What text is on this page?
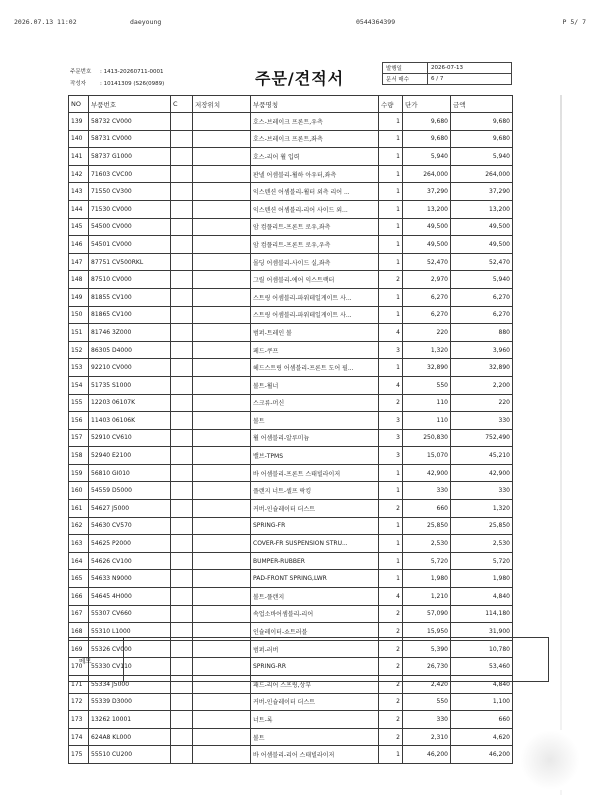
2026.07.13 11:02	daeyoung	0544364399	P 5/ 7
주문번호 : 1413-20260711-0001
작성자	: 10141309 (S26(0989)	주문/견적서	발행일	2026-07-13
문서 매수	6 / 7
NO	부품번호	C	저장위치	부품명칭	수량	단가	금액
139	58732 CV000			호스-브레이크 프론트,우측	1	9,680	9,680
140	58731 CV000			호스-브레이크 프론트,좌측	1	9,680	9,680
141	58737 G1000			호스-리어 휠 입력	1	5,940	5,940
142	71603 CVC00			판넬 어셈블리-휠하 아우터,좌측	1	264,000	264,000
143	71550 CV300			익스텐션 어셈블리-휠터 외측 리어 ...	1	37,290	37,290
144	71530 CV000			익스텐션 어셈블리-리어 사이드 외...	1	13,200	13,200
145	54500 CV000			암 컴플리트-프론트 로우,좌측	1	49,500	49,500
146	54501 CV000			암 컴플리트-프론트 로우,우측	1	49,500	49,500
147	87751 CV500RKL			몰딩 어셈블리-사이드 실,좌측	1	52,470	52,470
148	87510 CV000			그릴 어셈블리-에어 익스트랙터	2	2,970	5,940
149	81855 CV100			스트링 어셈블리-파워테일게이트 사...	1	6,270	6,270
150	81865 CV100			스트링 어셈블리-파워테일게이트 사...	1	6,270	6,270
151	81746 3Z000			범퍼-트레인 볼	4	220	880
152	86305 D4000			페드-쿠프	3	1,320	3,960
153	92210 CV000			헤드스트링 어셈블리-프론트 도어 필...	1	32,890	32,890
154	51735 S1000			볼트-휠너	4	550	2,200
155	12203 06107K			스크류-머신	2	110	220
156	11403 06106K			볼트	3	110	330
157	52910 CV610			휠 어셈블리-알루미늄	3	250,830	752,490
158	52940 E2100			밸브-TPMS	3	15,070	45,210
159	56810 GI010			바 어셈블리-프론트 스태빌라이저	1	42,900	42,900
160	54559 D5000			플랜지 너트-셀프 락킹	1	330	330
161	54627 J5000			커버-인슐레이터 더스트	2	660	1,320
162	54630 CV570			SPRING-FR	1	25,850	25,850
163	54625 P2000			COVER-FR SUSPENSION STRU...	1	2,530	2,530
164	54626 CV100			BUMPER-RUBBER	1	5,720	5,720
165	54633 N9000			PAD-FRONT SPRING,LWR	1	1,980	1,980
166	54645 4H000			볼트-플랜지	4	1,210	4,840
167	55307 CV660			속업소바어셈블리-리어	2	57,090	114,180
168	55310 L1000			인슐레이터-쇼트러블	2	15,950	31,900
169	55326 CV000			범퍼-러버	2	5,390	10,780
170	55330 CV110			SPRING-RR	2	26,730	53,460
171	55334 J5000			패드-리어 스프링,상부	2	2,420	4,840
172	55339 D3000			커버-인슐레이터 더스트	2	550	1,100
173	13262 10001			너트-록	2	330	660
174	624A8 KL000			볼트	2	2,310	4,620
175	55510 CU200			바 어셈블리-리어 스태빌라이저	1	46,200	46,200
메모
